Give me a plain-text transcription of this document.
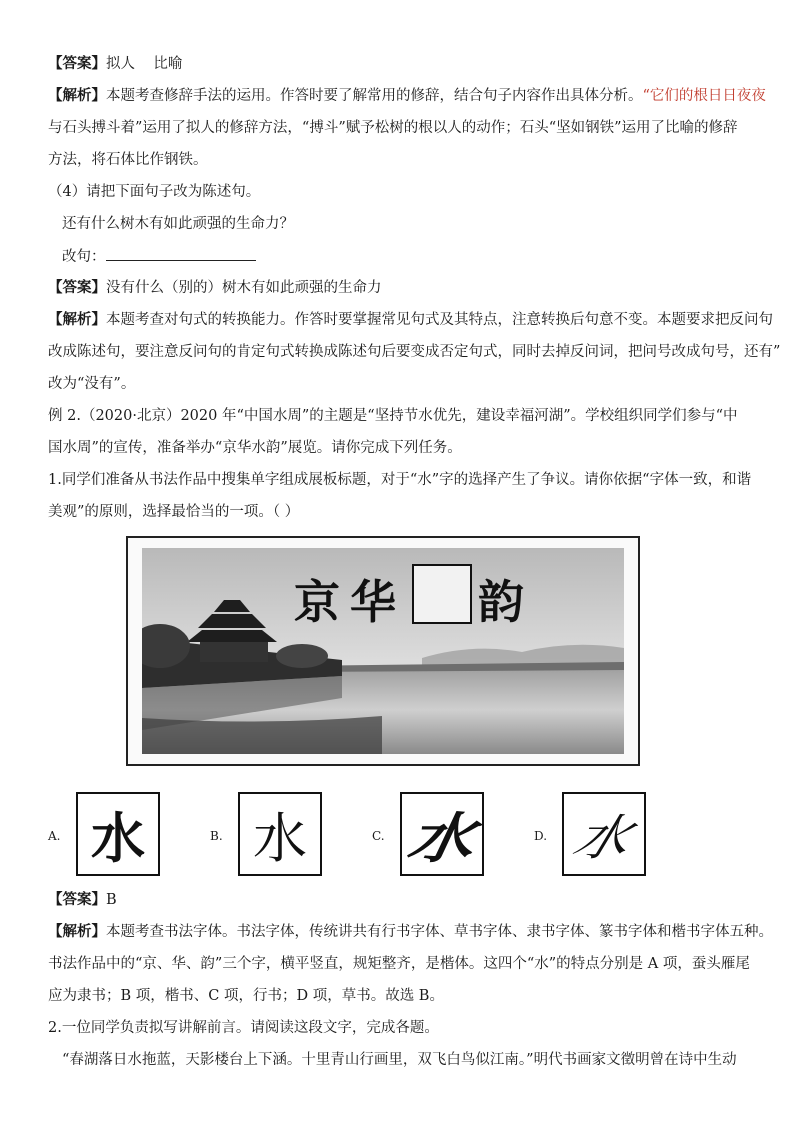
【答案】拟人    比喻
【解析】本题考查修辞手法的运用。作答时要了解常用的修辞，结合句子内容作出具体分析。“它们的根日日夜夜
与石头搏斗着”运用了拟人的修辞方法，“搏斗”赋予松树的根以人的动作；石头“坚如钢铁”运用了比喻的修辞
方法，将石体比作钢铁。
（4）请把下面句子改为陈述句。
还有什么树木有如此顽强的生命力？
改句：
【答案】没有什么（别的）树木有如此顽强的生命力
【解析】本题考查对句式的转换能力。作答时要掌握常见句式及其特点，注意转换后句意不变。本题要求把反问句
改成陈述句，要注意反问句的肯定句式转换成陈述句后要变成否定句式，同时去掉反问词，把问号改成句号，还有”
改为“没有”。
例 2.（2020·北京）2020 年“中国水周”的主题是“坚持节水优先，建设幸福河湖”。学校组织同学们参与“中
国水周”的宣传，准备举办“京华水韵”展览。请你完成下列任务。
1.同学们准备从书法作品中搜集单字组成展板标题，对于“水”字的选择产生了争议。请你依据“字体一致，和谐
美观”的原则，选择最恰当的一项。（ ）
京 华 韵
A. 水	B. 水	C. 水	D. 水
【答案】B
【解析】本题考查书法字体。书法字体，传统讲共有行书字体、草书字体、隶书字体、篆书字体和楷书字体五种。
书法作品中的“京、华、韵”三个字，横平竖直，规矩整齐，是楷体。这四个“水”的特点分别是 A 项，蚕头雁尾
应为隶书；B 项，楷书、C 项，行书；D 项，草书。故选 B。
2.一位同学负责拟写讲解前言。请阅读这段文字，完成各题。
“春湖落日水拖蓝，天影楼台上下涵。十里青山行画里，双飞白鸟似江南。”明代书画家文徵明曾在诗中生动
